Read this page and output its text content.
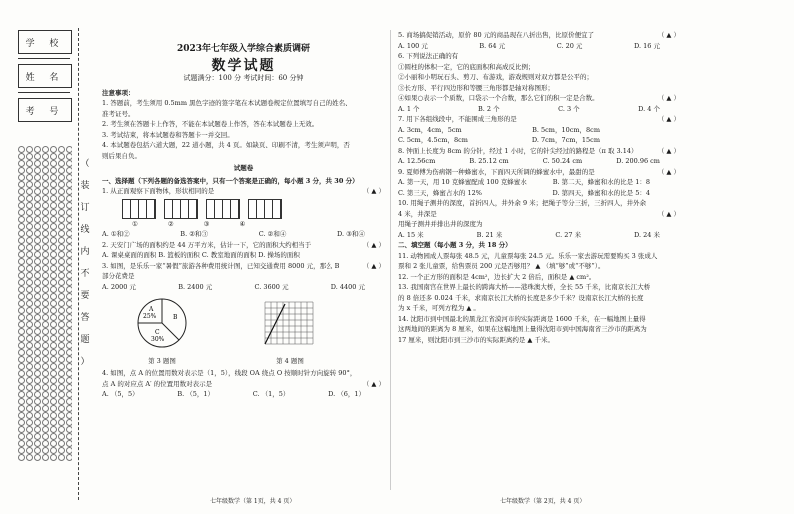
学 校
姓 名
考 号
（
装
订
线
内
不
要
答
题
）
2023年七年级入学综合素质调研
数学试题
试题满分：100 分 考试时间：60 分钟

注意事项：

1. 答题前，考生须用 0.5mm 黑色字迹的签字笔在本试题卷规定位置填写自己的姓名、

准考证号。

2. 考生须在答题卡上作答，不能在本试题卷上作答，答在本试题卷上无效。

3. 考试结束，将本试题卷和答题卡一并交回。

4. 本试题卷包括六道大题，22 道小题，共 4 页。如缺页、印刷不清，考生须声明，否

则后果自负。

试题卷

一、选择题（下列各题的备选答案中，只有一个答案是正确的，每小题 3 分，共 30 分）

1. 从正面观察下面物体，形状相同的是	（ ▲ ）

①	②	③	④
A. ①和②	B. ②和③	C. ②和④	D. ③和④

2. 天安门广场的面积约是 44 万平方米，估计一下，它的面积大约相当于	（ ▲ ）

A. 课桌桌面的面积 B. 篮板的面积 C. 教室地面的面积 D. 操场的面积

3. 如图，是乐乐一家“暑假”旅游各种费用统计图，已知交通费用 8000 元，那么 B	（ ▲ ）

部分花费是

A. 2000 元	B. 2400 元	C. 3600 元	D. 4400 元
A
25%	B
C
30%
第 3 题图	第 4 题图

4. 如图，点 A 的位置用数对表示是（1，5），线段 OA 绕点 O 按顺时针方向旋转 90°，

点 A 的对应点 A′ 的位置用数对表示是	（ ▲ ）

A. （5，5）	B. （5，1）	C. （1，5）	D. （6，1）
七年级数学（第 1页，共 4 页）

5. 商场搞促销活动，原价 80 元的商品现在八折出售，比原价便宜了	（ ▲ ）

A. 100 元	B. 64 元	C. 20 元	D. 16 元

6. 下列说法正确的有

①圆柱的体积一定，它的底面积和高成反比例；

②小丽和小明玩石头、剪刀、布游戏，游戏规则对双方都是公平的；

③长方形、平行四边形和等腰三角形都是轴对称图形；

④如果○表示一个质数，口袋示一个合数，那么它们的积一定是合数。	（ ▲ ）

A. 1 个	B. 2 个	C. 3 个	D. 4 个

7. 用下各组线段中，不能围成三角形的是	（ ▲ ）

A. 3cm，4cm，5cm	B. 5cm，10cm，8cm
C. 5cm，4.5cm，8cm	D. 7cm，7cm，15cm

8. 钟面上长度为 8cm 的分针，经过 1 小时，它的针尖经过的路程是（π 取 3.14）	（ ▲ ）

A. 12.56cm	B. 25.12 cm	C. 50.24 cm	D. 200.96 cm

9. 夏师傅为伤病钢一种蜂蜜水，下面四天所调的蜂蜜水中，最甜的是	（ ▲ ）

A. 第一天，用 10 克蜂蜜配成 100 克蜂蜜水	B. 第二天，蜂蜜和水的比是 1：8
C. 第三天，蜂蜜占水的 12%	D. 第四天，蜂蜜和水的比是 5：4

10. 用绳子测井的深度，首折四人，井外余 9 米；把绳子等分三折，三折四人，井外余

4 米，井深是	（ ▲ ）

用绳子测井并排出井的深度为

A. 15 米	B. 21 米	C. 27 米	D. 24 米

二、填空题（每小题 3 分，共 18 分）

11. 动物园成人票每张 48.5 元，儿童票每张 24.5 元。乐乐一家去游玩需要购买 3 张成人

票和 2 张儿童票，给售票员 200 元是否够用？ ▲ （填“够”或“不够”）。

12. 一个正方形的面积是 4cm²，边长扩大 2 倍后，面积是 ▲ cm²。

13. 我国南宫在世界上最长的跨海大桥——港珠澳大桥，全长 55 千米，比南京长江大桥

的 8 倍还多 0.024 千米，求南京长江大桥的长度是多少千米？设南京长江大桥的长度

为 x 千米，可列方程为 ▲ 。

14. 沈阳市到中国最北的黑龙江省漠河市的实际距离是 1600 千米，在一幅地图上量得

这两地间的距离为 8 厘米，如果在这幅地图上量得沈阳市到中国海南省三沙市的距离为

17 厘米，则沈阳市到三沙市的实际距离约是 ▲ 千米。

七年级数学（第 2页，共 4 页）
